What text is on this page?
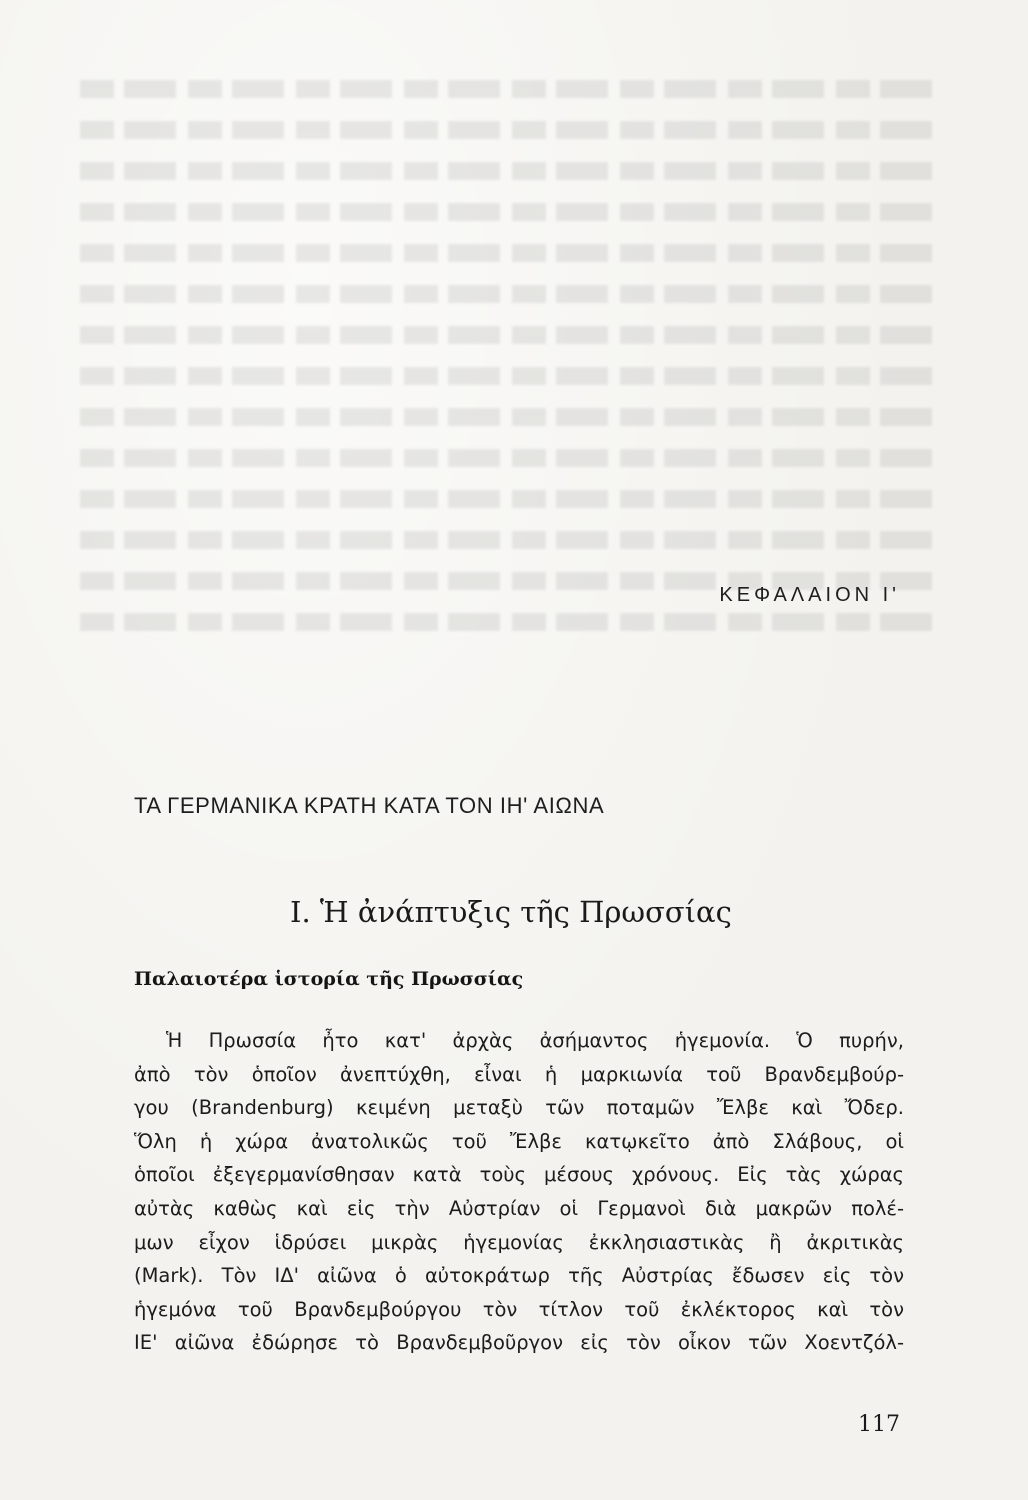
ΚΕΦΑΛΑΙΟΝ Ι'
ΤΑ ΓΕΡΜΑΝΙΚΑ ΚΡΑΤΗ ΚΑΤΑ ΤΟΝ ΙΗ' ΑΙΩΝΑ
Ι. Ἡ ἀνάπτυξις τῆς Πρωσσίας
Παλαιοτέρα ἱστορία τῆς Πρωσσίας
Ἡ Πρωσσία ἦτο κατ' ἀρχὰς ἀσήμαντος ἡγεμονία. Ὁ πυρήν,
ἀπὸ τὸν ὁποῖον ἀνεπτύχθη, εἶναι ἡ μαρκιωνία τοῦ Βρανδεμβούρ-
γου (Brandenburg) κειμένη μεταξὺ τῶν ποταμῶν Ἔλβε καὶ Ὄδερ.
Ὅλη ἡ χώρα ἀνατολικῶς τοῦ Ἔλβε κατῳκεῖτο ἀπὸ Σλάβους, οἱ
ὁποῖοι ἐξεγερμανίσθησαν κατὰ τοὺς μέσους χρόνους. Εἰς τὰς χώρας
αὐτὰς καθὼς καὶ εἰς τὴν Αὐστρίαν οἱ Γερμανοὶ διὰ μακρῶν πολέ-
μων εἶχον ἱδρύσει μικρὰς ἡγεμονίας ἐκκλησιαστικὰς ἢ ἀκριτικὰς
(Mark). Τὸν ΙΔ' αἰῶνα ὁ αὐτοκράτωρ τῆς Αὐστρίας ἔδωσεν εἰς τὸν
ἡγεμόνα τοῦ Βρανδεμβούργου τὸν τίτλον τοῦ ἐκλέκτορος καὶ τὸν
ΙΕ' αἰῶνα ἐδώρησε τὸ Βρανδεμβοῦργον εἰς τὸν οἶκον τῶν Χοεντζόλ-
117
